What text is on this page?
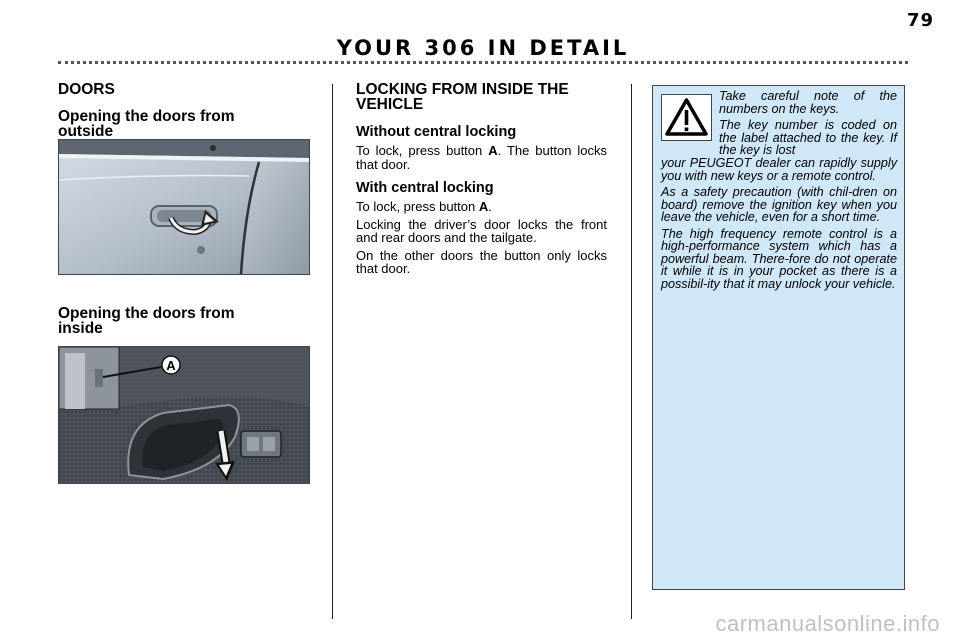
79
YOUR 306 IN DETAIL

DOORS

Opening the doors from outside

Opening the doors from inside

A

LOCKING FROM INSIDE THE VEHICLE

Without central locking

To lock, press button A. The button locks that door.

With central locking

To lock, press button A.

Locking the driver’s door locks the front and rear doors and the tailgate.

On the other doors the button only locks that door.

Take careful note of the numbers on the keys.

The key number is coded on the label attached to the key. If the key is lost

your PEUGEOT dealer can rapidly supply you with new keys or a remote control.

As a safety precaution (with chil-dren on board) remove the ignition key when you leave the vehicle, even for a short time.

The high frequency remote control is a high-performance system which has a powerful beam. There-fore do not operate it while it is in your pocket as there is a possibil-ity that it may unlock your vehicle.

carmanualsonline.info
